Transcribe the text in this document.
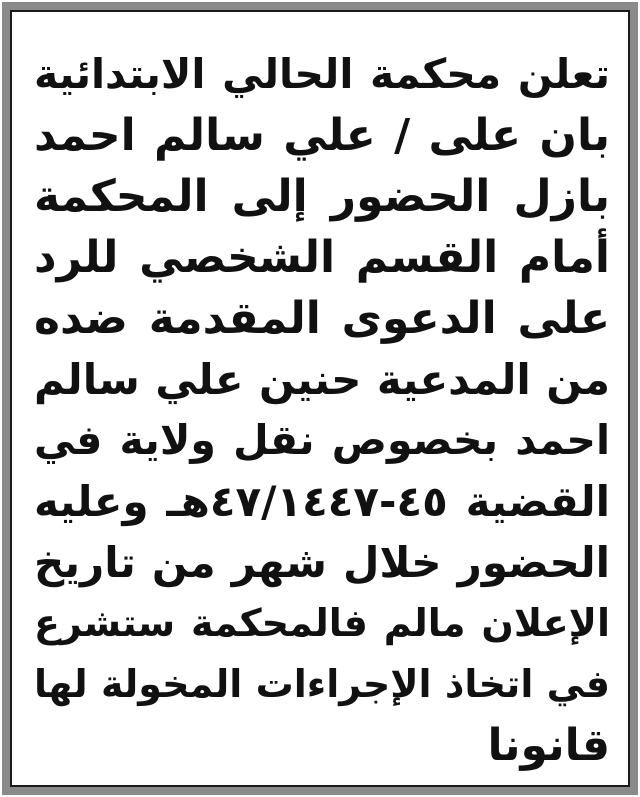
تعلن محكمة الحالي الابتدائية
بان على / علي سالم احمد
بازل الحضور إلى المحكمة
أمام القسم الشخصي للرد
على الدعوى المقدمة ضده
من المدعية حنين علي سالم
احمد بخصوص نقل ولاية في
القضية ٤٥-٤٧/١٤٤٧هـ وعليه
الحضور خلال شهر من تاريخ
الإعلان مالم فالمحكمة ستشرع
في اتخاذ الإجراءات المخولة لها
قانونا
